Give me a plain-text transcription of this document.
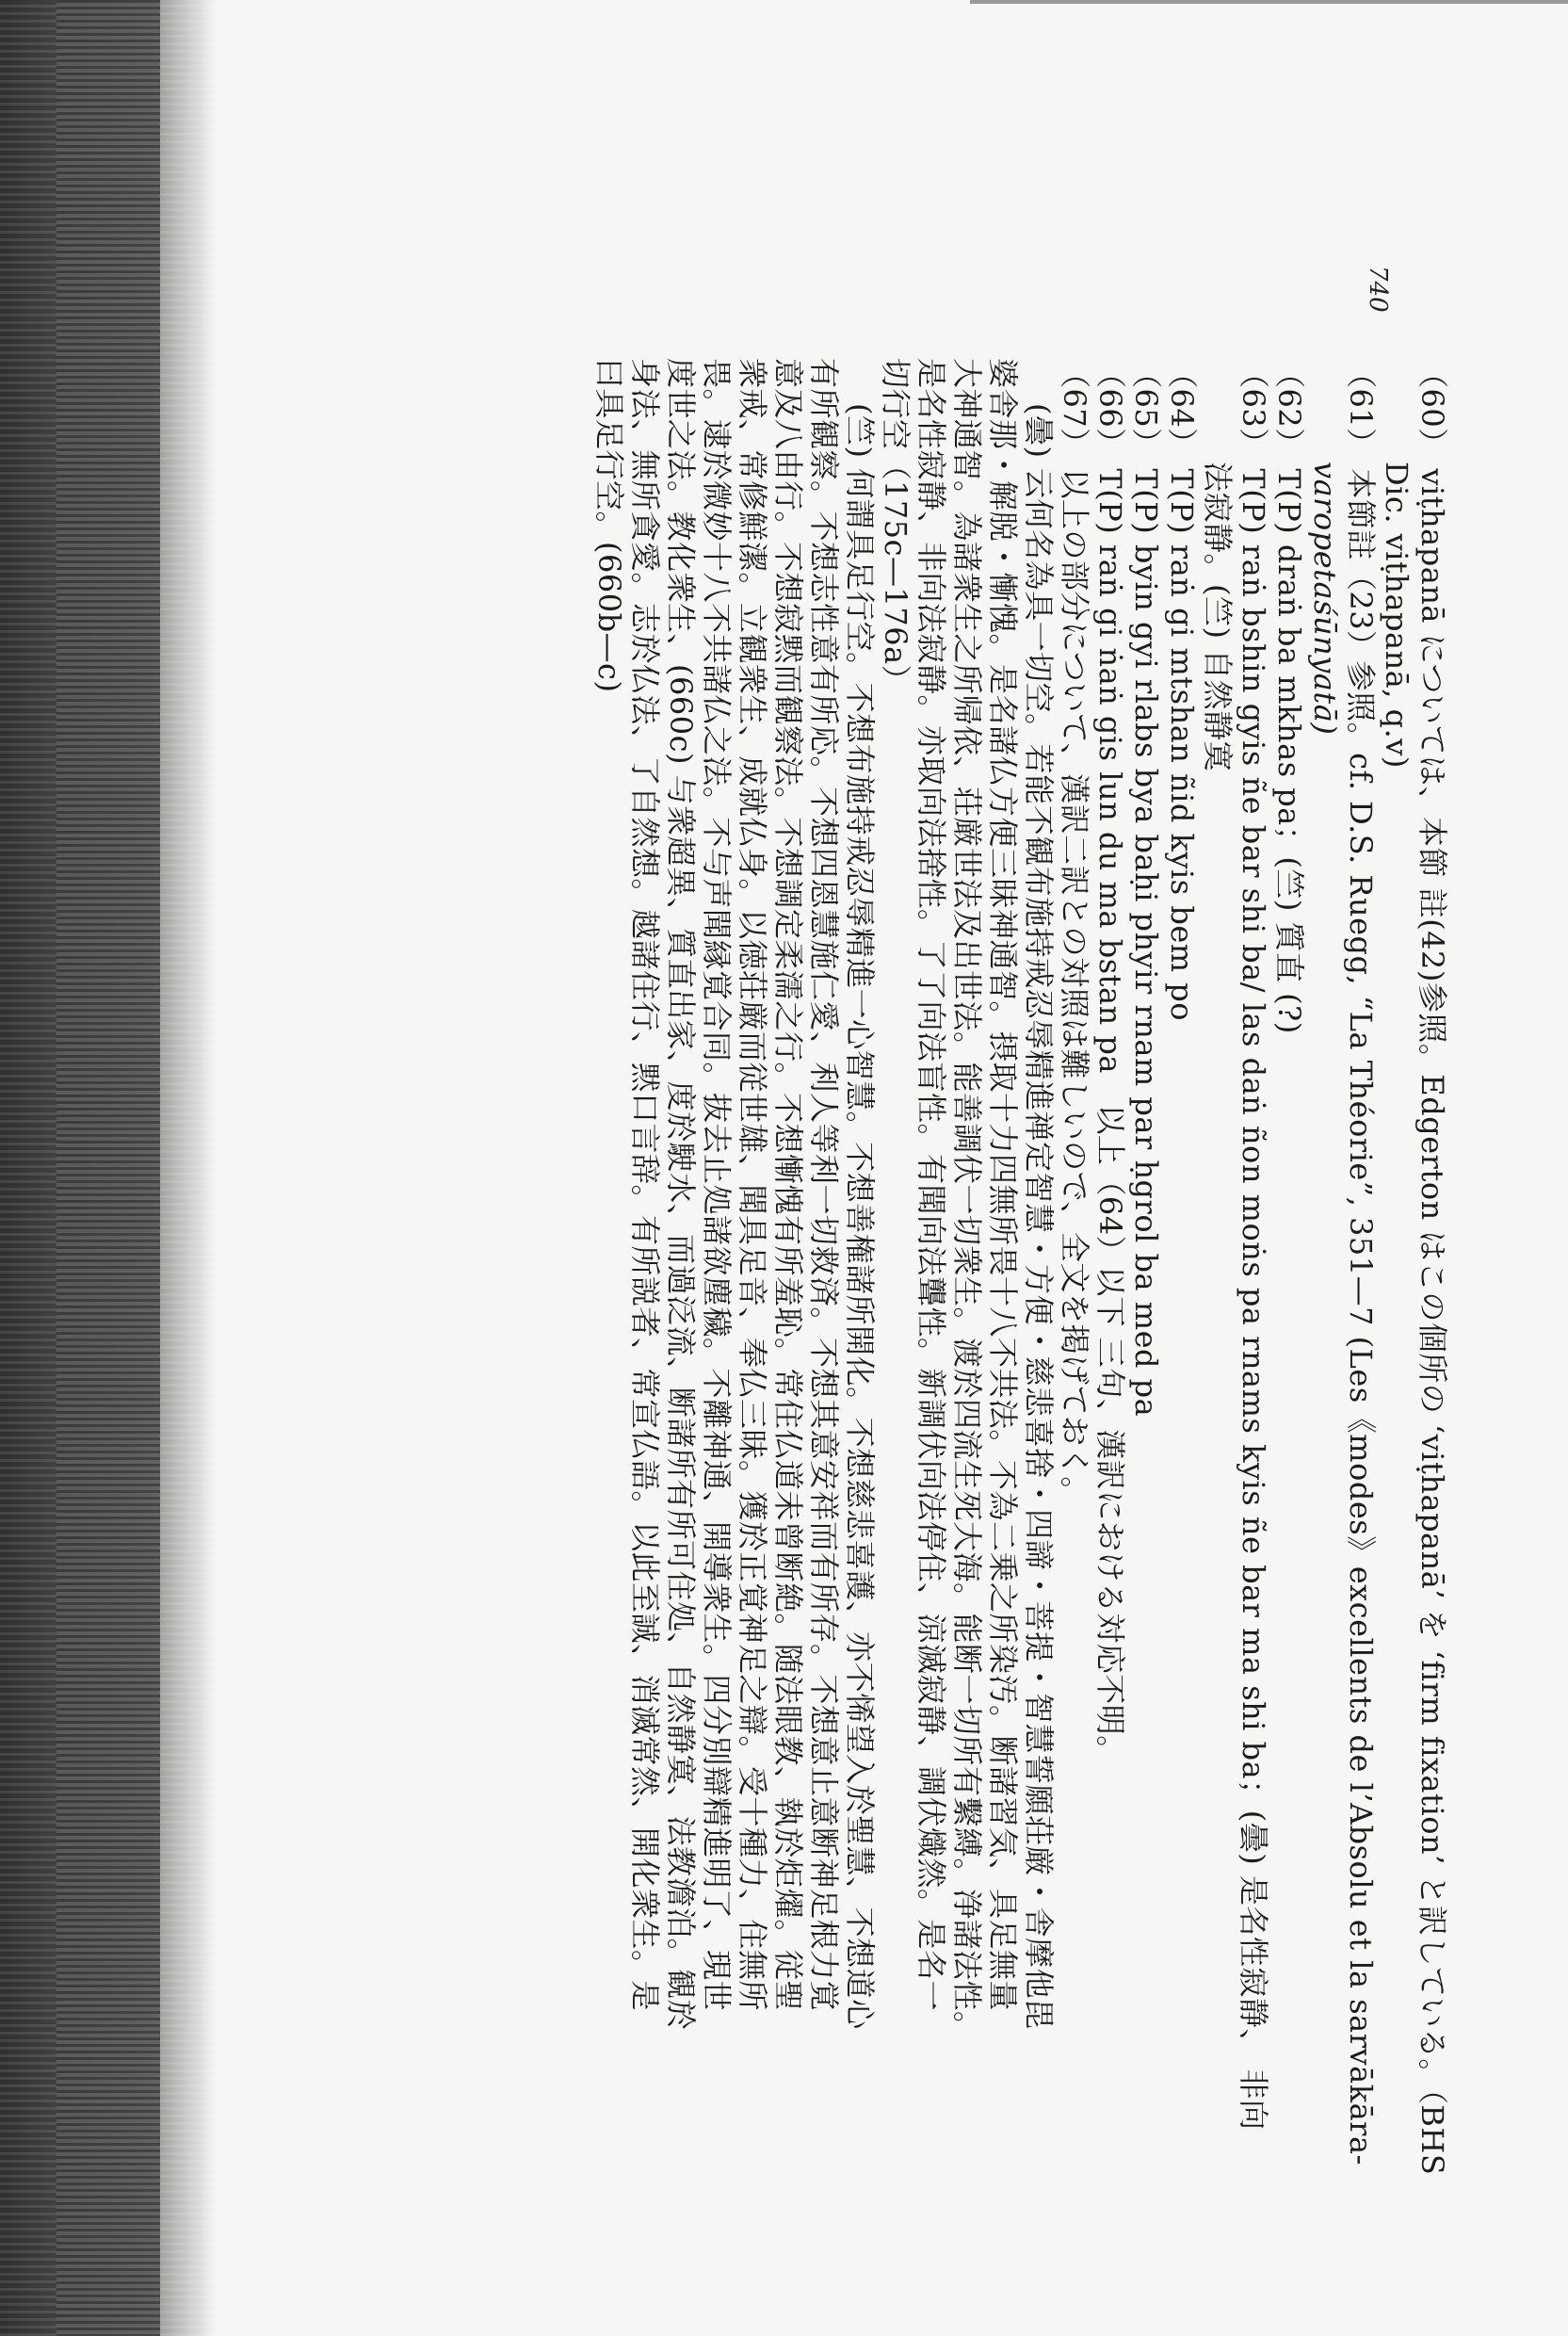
740
（60） viṭhapanā については、本節 註(42)参照。Edgerton はこの個所の ‘viṭhapanā’ を ‘firm fixation’ と訳している。（BHS
Dic. viṭhapanā, q.v)
（61） 本節註（23）参照。cf. D.S. Ruegg, “La Théorie”, 351—7 (Les《modes》excellents de l’Absolu et la sarvākāra-
varopetaśūnyatā)
（62） T(P) draṅ ba mkhas pa；(竺) 質直 (?)
（63） T(P) raṅ bshin gyis ñe bar shi ba/ las daṅ ñon moṅs pa rnams kyis ñe bar ma shi ba；(曇) 是名性寂静、 非向
法寂静。(竺) 自然静寞
（64） T(P) raṅ gi mtshan ñid kyis bem po
（65） T(P) byin gyi rlabs bya baḥi phyir rnam par ḥgrol ba med pa
（66） T(P) raṅ gi ṅaṅ gis lun du ma bstan pa　以上（64）以下 三句、漢訳における対応不明。
（67） 以上の部分について、漢訳二訳との対照は難しいので、全文を掲げておく。
(曇) 云何名為具一切空。若能不観布施持戒忍辱精進禅定智慧・方便・慈悲喜捨・四諦・菩提・智慧誓願荘厳・舎摩他毘
婆舎那・解脱・慚愧。是名諸仏方便三昧神通智。摂取十力四無所畏十八不共法。不為二乗之所染汚。断諸習気、具足無量
大神通智。為諸衆生之所帰依、荘厳世法及出世法。能善調伏一切衆生。渡於四流生死大海。能断一切所有繫縛。浄諸法性。
是名性寂静、非向法寂静。亦取向法捨性。了了向法盲性。有聞向法聾性。新調伏向法停住、涼滅寂静、調伏熾然。是名一
切行空（175c—176a）
(竺) 何謂具足行空。不想布施持戒忍辱精進一心智慧。不想善権諸所開化。不想慈悲喜護、亦不悕望入於聖慧、不想道心
有所観察。不想志性意有所応。不想四恩慧施仁愛、利人等利一切救済。不想其意安祥而有所存。不想意止意断神足根力覚
意及八由行。不想寂黙而観察法。不想調定柔濡之行。不想慚愧有所羞恥。常住仏道未曾断絶。随法眼教、執於炬燿。従聖
衆戒、常修鮮潔。立観衆生、成就仏身。以徳荘厳而従世雄、聞具足音、奉仏三昧。獲於正覚神足之辯。受十種力、住無所
畏。逮於微妙十八不共諸仏之法。不与声聞縁覚合同。抜去止処諸欲塵穢。不離神通、開導衆生。四分別辯精進明了、現世
度世之法。教化衆生、(660c) 与衆超異、質直出家、度於駛水、而過泛流、断諸所有所可住処、自然静寞、法教澹泊。観於
身法、無所貪愛。志於仏法、了自然想。越諸住行、黙口言辞。有所説者、常宣仏語。以此至誠、消滅常然、開化衆生。是
曰具足行空。(660b—c)
